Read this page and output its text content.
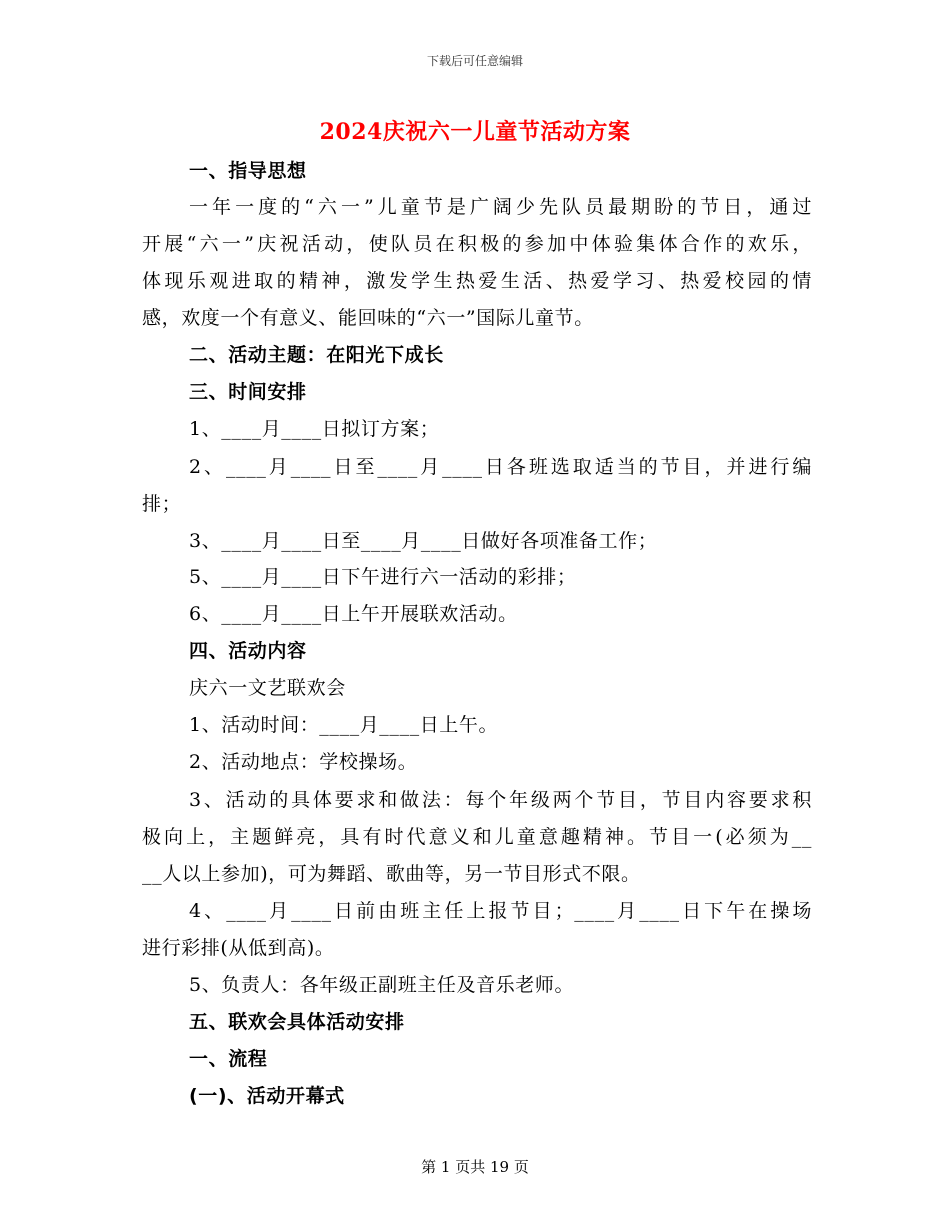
下载后可任意编辑
2024庆祝六一儿童节活动方案
一、指导思想
一年一度的“六一”儿童节是广阔少先队员最期盼的节日，通过
开展“六一”庆祝活动，使队员在积极的参加中体验集体合作的欢乐，
体现乐观进取的精神，激发学生热爱生活、热爱学习、热爱校园的情
感，欢度一个有意义、能回味的“六一”国际儿童节。
二、活动主题：在阳光下成长
三、时间安排
1、____月____日拟订方案；
2、____月____日至____月____日各班选取适当的节目，并进行编
排；
3、____月____日至____月____日做好各项准备工作；
5、____月____日下午进行六一活动的彩排；
6、____月____日上午开展联欢活动。
四、活动内容
庆六一文艺联欢会
1、活动时间：____月____日上午。
2、活动地点：学校操场。
3、活动的具体要求和做法：每个年级两个节目，节目内容要求积
极向上，主题鲜亮，具有时代意义和儿童意趣精神。节目一(必须为__
__人以上参加)，可为舞蹈、歌曲等，另一节目形式不限。
4、____月____日前由班主任上报节目；____月____日下午在操场
进行彩排(从低到高)。
5、负责人：各年级正副班主任及音乐老师。
五、联欢会具体活动安排
一、流程
(一)、活动开幕式
第 1 页共 19 页
